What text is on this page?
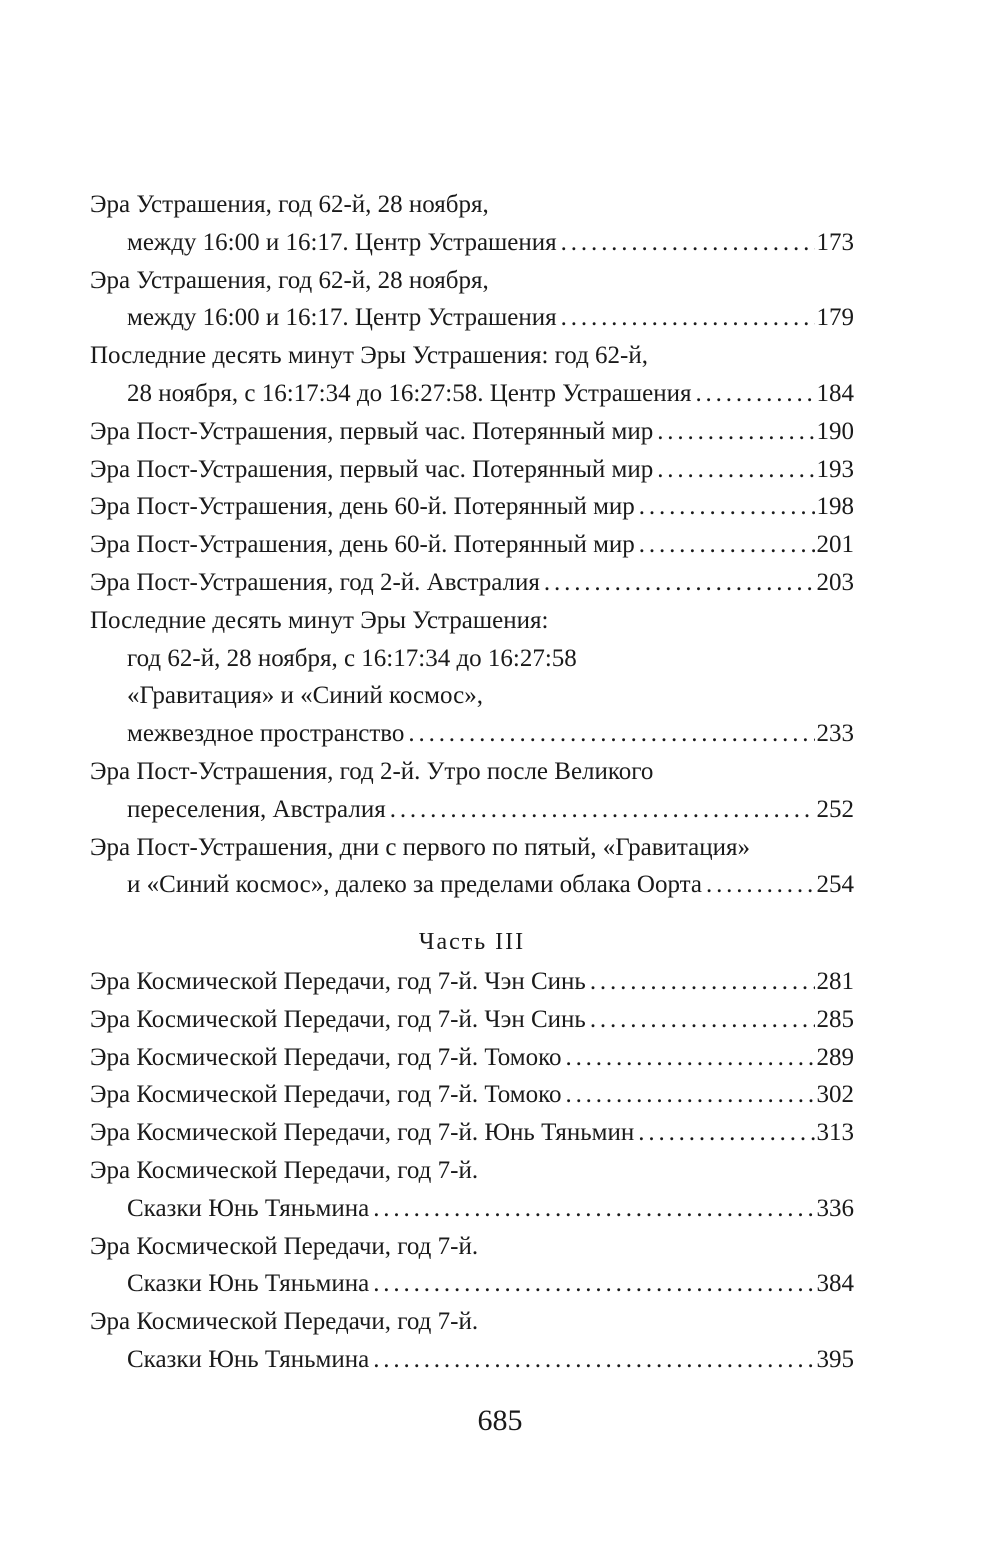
Эра Устрашения, год 62-й, 28 ноября,
между 16:00 и 16:17. Центр Устрашения . . .	173
Эра Устрашения, год 62-й, 28 ноября,
между 16:00 и 16:17. Центр Устрашения . . .	179
Последние десять минут Эры Устрашения: год 62-й,
28 ноября, с 16:17:34 до 16:27:58. Центр Устрашения . . .	184
Эра Пост-Устрашения, первый час. Потерянный мир . . .	190
Эра Пост-Устрашения, первый час. Потерянный мир . . .	193
Эра Пост-Устрашения, день 60-й. Потерянный мир . . .	198
Эра Пост-Устрашения, день 60-й. Потерянный мир . . .	201
Эра Пост-Устрашения, год 2-й. Австралия . . .	203
Последние десять минут Эры Устрашения:
год 62-й, 28 ноября, с 16:17:34 до 16:27:58
«Гравитация» и «Синий космос»,
межвездное пространство . . .	233
Эра Пост-Устрашения, год 2-й. Утро после Великого
переселения, Австралия . . .	252
Эра Пост-Устрашения, дни с первого по пятый, «Гравитация»
и «Синий космос», далеко за пределами облака Оорта . . .	254
Часть III
Эра Космической Передачи, год 7-й. Чэн Синь . . .	281
Эра Космической Передачи, год 7-й. Чэн Синь . . .	285
Эра Космической Передачи, год 7-й. Томоко . . .	289
Эра Космической Передачи, год 7-й. Томоко . . .	302
Эра Космической Передачи, год 7-й. Юнь Тяньмин . . .	313
Эра Космической Передачи, год 7-й.
Сказки Юнь Тяньмина . . .	336
Эра Космической Передачи, год 7-й.
Сказки Юнь Тяньмина . . .	384
Эра Космической Передачи, год 7-й.
Сказки Юнь Тяньмина . . .	395
685
